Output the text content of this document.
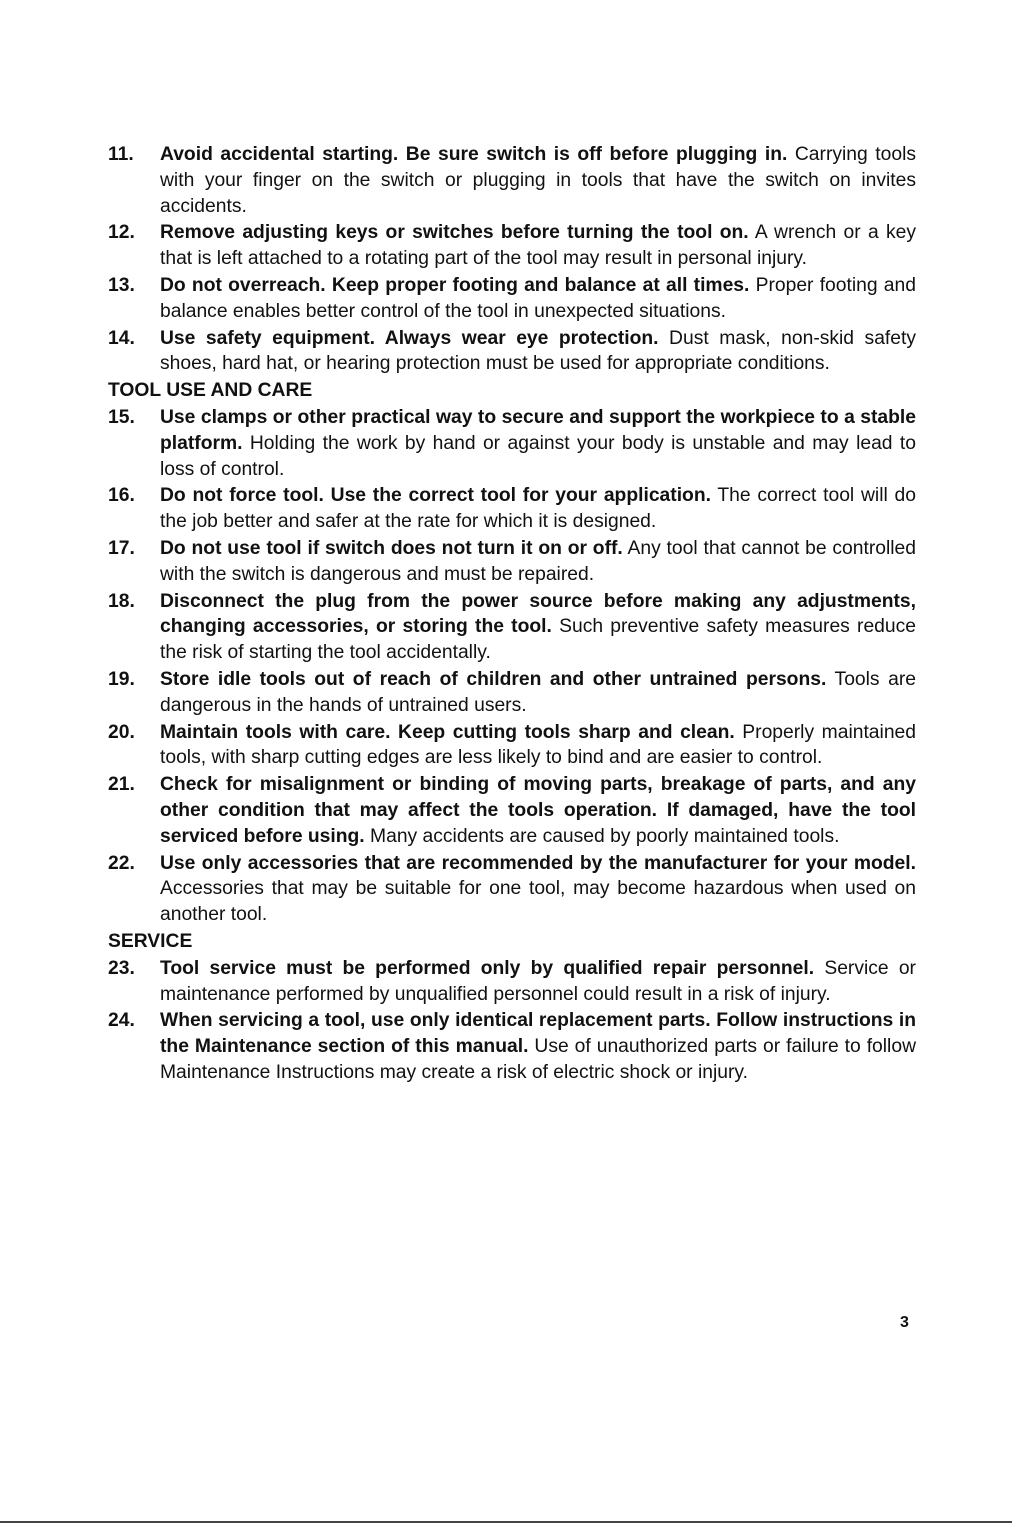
11.	Avoid accidental starting. Be sure switch is off before plugging in. Carrying tools with your finger on the switch or plugging in tools that have the switch on invites accidents.
12.	Remove adjusting keys or switches before turning the tool on. A wrench or a key that is left attached to a rotating part of the tool may result in personal injury.
13.	Do not overreach. Keep proper footing and balance at all times. Proper footing and balance enables better control of the tool in unexpected situations.
14.	Use safety equipment. Always wear eye protection. Dust mask, non-skid safety shoes, hard hat, or hearing protection must be used for appropriate conditions.
TOOL USE AND CARE
15.	Use clamps or other practical way to secure and support the workpiece to a stable platform. Holding the work by hand or against your body is unstable and may lead to loss of control.
16.	Do not force tool. Use the correct tool for your application. The correct tool will do the job better and safer at the rate for which it is designed.
17.	Do not use tool if switch does not turn it on or off. Any tool that cannot be controlled with the switch is dangerous and must be repaired.
18.	Disconnect the plug from the power source before making any adjustments, changing accessories, or storing the tool. Such preventive safety measures reduce the risk of starting the tool accidentally.
19.	Store idle tools out of reach of children and other untrained persons. Tools are dangerous in the hands of untrained users.
20.	Maintain tools with care. Keep cutting tools sharp and clean. Properly maintained tools, with sharp cutting edges are less likely to bind and are easier to control.
21.	Check for misalignment or binding of moving parts, breakage of parts, and any other condition that may affect the tools operation. If damaged, have the tool serviced before using. Many accidents are caused by poorly maintained tools.
22.	Use only accessories that are recommended by the manufacturer for your model. Accessories that may be suitable for one tool, may become hazardous when used on another tool.
SERVICE
23.	Tool service must be performed only by qualified repair personnel. Service or maintenance performed by unqualified personnel could result in a risk of injury.
24.	When servicing a tool, use only identical replacement parts. Follow instructions in the Maintenance section of this manual. Use of unauthorized parts or failure to follow Maintenance Instructions may create a risk of electric shock or injury.
3
